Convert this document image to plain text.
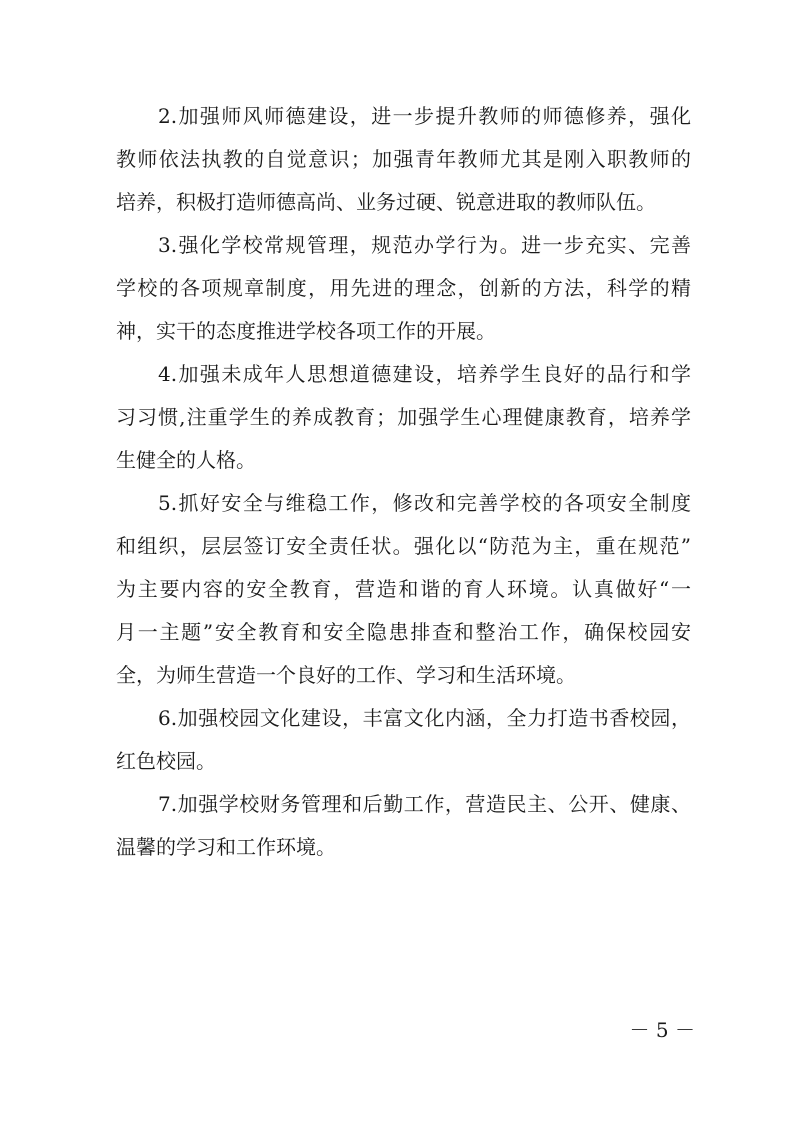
2.加强师风师德建设，进一步提升教师的师德修养，强化
教师依法执教的自觉意识；加强青年教师尤其是刚入职教师的
培养，积极打造师德高尚、业务过硬、锐意进取的教师队伍。
3.强化学校常规管理，规范办学行为。进一步充实、完善
学校的各项规章制度，用先进的理念，创新的方法，科学的精
神，实干的态度推进学校各项工作的开展。
4.加强未成年人思想道德建设，培养学生良好的品行和学
习习惯,注重学生的养成教育；加强学生心理健康教育，培养学
生健全的人格。
5.抓好安全与维稳工作，修改和完善学校的各项安全制度
和组织，层层签订安全责任状。强化以“防范为主，重在规范”
为主要内容的安全教育，营造和谐的育人环境。认真做好“一
月一主题”安全教育和安全隐患排查和整治工作，确保校园安
全，为师生营造一个良好的工作、学习和生活环境。
6.加强校园文化建设，丰富文化内涵，全力打造书香校园，
红色校园。
7.加强学校财务管理和后勤工作，营造民主、公开、健康、
温馨的学习和工作环境。
－ 5 －
